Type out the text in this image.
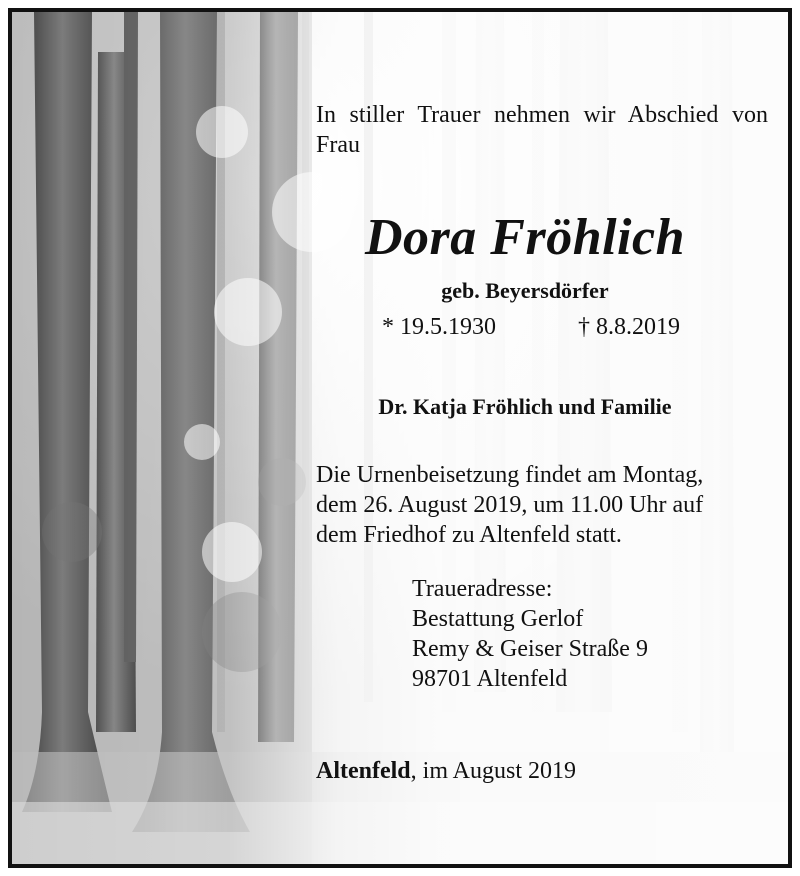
In stiller Trauer nehmen wir Abschied von Frau
Dora Fröhlich
geb. Beyersdörfer
* 19.5.1930	† 8.8.2019
Dr. Katja Fröhlich und Familie
Die Urnenbeisetzung findet am Montag,
dem 26. August 2019, um 11.00 Uhr auf
dem Friedhof zu Altenfeld statt.
Traueradresse:
Bestattung Gerlof
Remy & Geiser Straße 9
98701 Altenfeld
Altenfeld, im August 2019
